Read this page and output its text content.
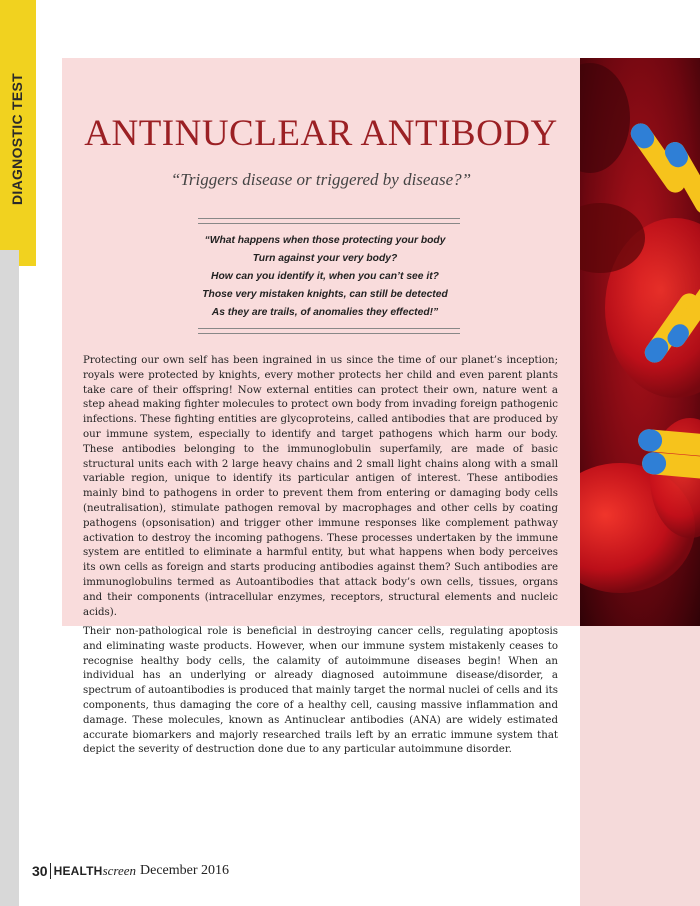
DIAGNOSTIC TEST	ANTINUCLEAR ANTIBODY
“Triggers disease or triggered by disease?”
“What happens when those protecting your body
Turn against your very body?
How can you identify it, when you can’t see it?
Those very mistaken knights, can still be detected
As they are trails, of anomalies they effected!”

Protecting our own self has been ingrained in us since the time of our planet’s inception; royals were protected by knights, every mother protects her child and even parent plants take care of their offspring! Now external entities can protect their own, nature went a step ahead making fighter molecules to protect own body from invading foreign pathogenic infections. These fighting entities are glycoproteins, called antibodies that are produced by our immune system, especially to identify and target pathogens which harm our body. These antibodies belonging to the immunoglobulin superfamily, are made of basic structural units each with 2 large heavy chains and 2 small light chains along with a small variable region, unique to identify its particular antigen of interest. These antibodies mainly bind to pathogens in order to prevent them from entering or damaging body cells (neutralisation), stimulate pathogen removal by macrophages and other cells by coating pathogens (opsonisation) and trigger other immune responses like complement pathway activation to destroy the incoming pathogens. These processes undertaken by the immune system are entitled to eliminate a harmful entity, but what happens when body perceives its own cells as foreign and starts producing antibodies against them? Such antibodies are immunoglobulins termed as Autoantibodies that attack body’s own cells, tissues, organs and their components (intracellular enzymes, receptors, structural elements and nucleic acids).

Their non-pathological role is beneficial in destroying cancer cells, regulating apoptosis and eliminating waste products. However, when our immune system mistakenly ceases to recognise healthy body cells, the calamity of autoimmune diseases begin! When an individual has an underlying or already diagnosed autoimmune disease/disorder, a spectrum of autoantibodies is produced that mainly target the normal nuclei of cells and its components, thus damaging the core of a healthy cell, causing massive inflammation and damage. These molecules, known as Antinuclear antibodies (ANA) are widely estimated accurate biomarkers and majorly researched trails left by an erratic immune system that depict the severity of destruction done due to any particular autoimmune disorder.

30 HEALTH screen December 2016
